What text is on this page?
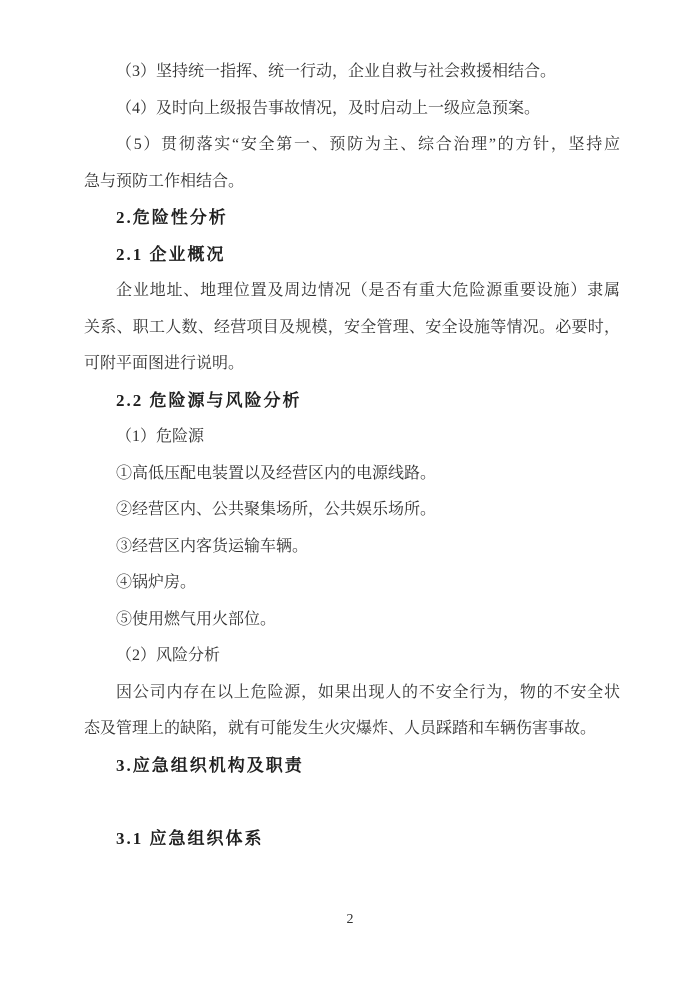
（3）坚持统一指挥、统一行动，企业自救与社会救援相结合。
（4）及时向上级报告事故情况，及时启动上一级应急预案。
（5）贯彻落实“安全第一、预防为主、综合治理”的方针，坚持应
急与预防工作相结合。
2.危险性分析
2.1 企业概况
企业地址、地理位置及周边情况（是否有重大危险源重要设施）隶属
关系、职工人数、经营项目及规模，安全管理、安全设施等情况。必要时，
可附平面图进行说明。
2.2 危险源与风险分析
（1）危险源
①高低压配电装置以及经营区内的电源线路。
②经营区内、公共聚集场所，公共娱乐场所。
③经营区内客货运输车辆。
④锅炉房。
⑤使用燃气用火部位。
（2）风险分析
因公司内存在以上危险源，如果出现人的不安全行为，物的不安全状
态及管理上的缺陷，就有可能发生火灾爆炸、人员踩踏和车辆伤害事故。
3.应急组织机构及职责
3.1 应急组织体系
2
